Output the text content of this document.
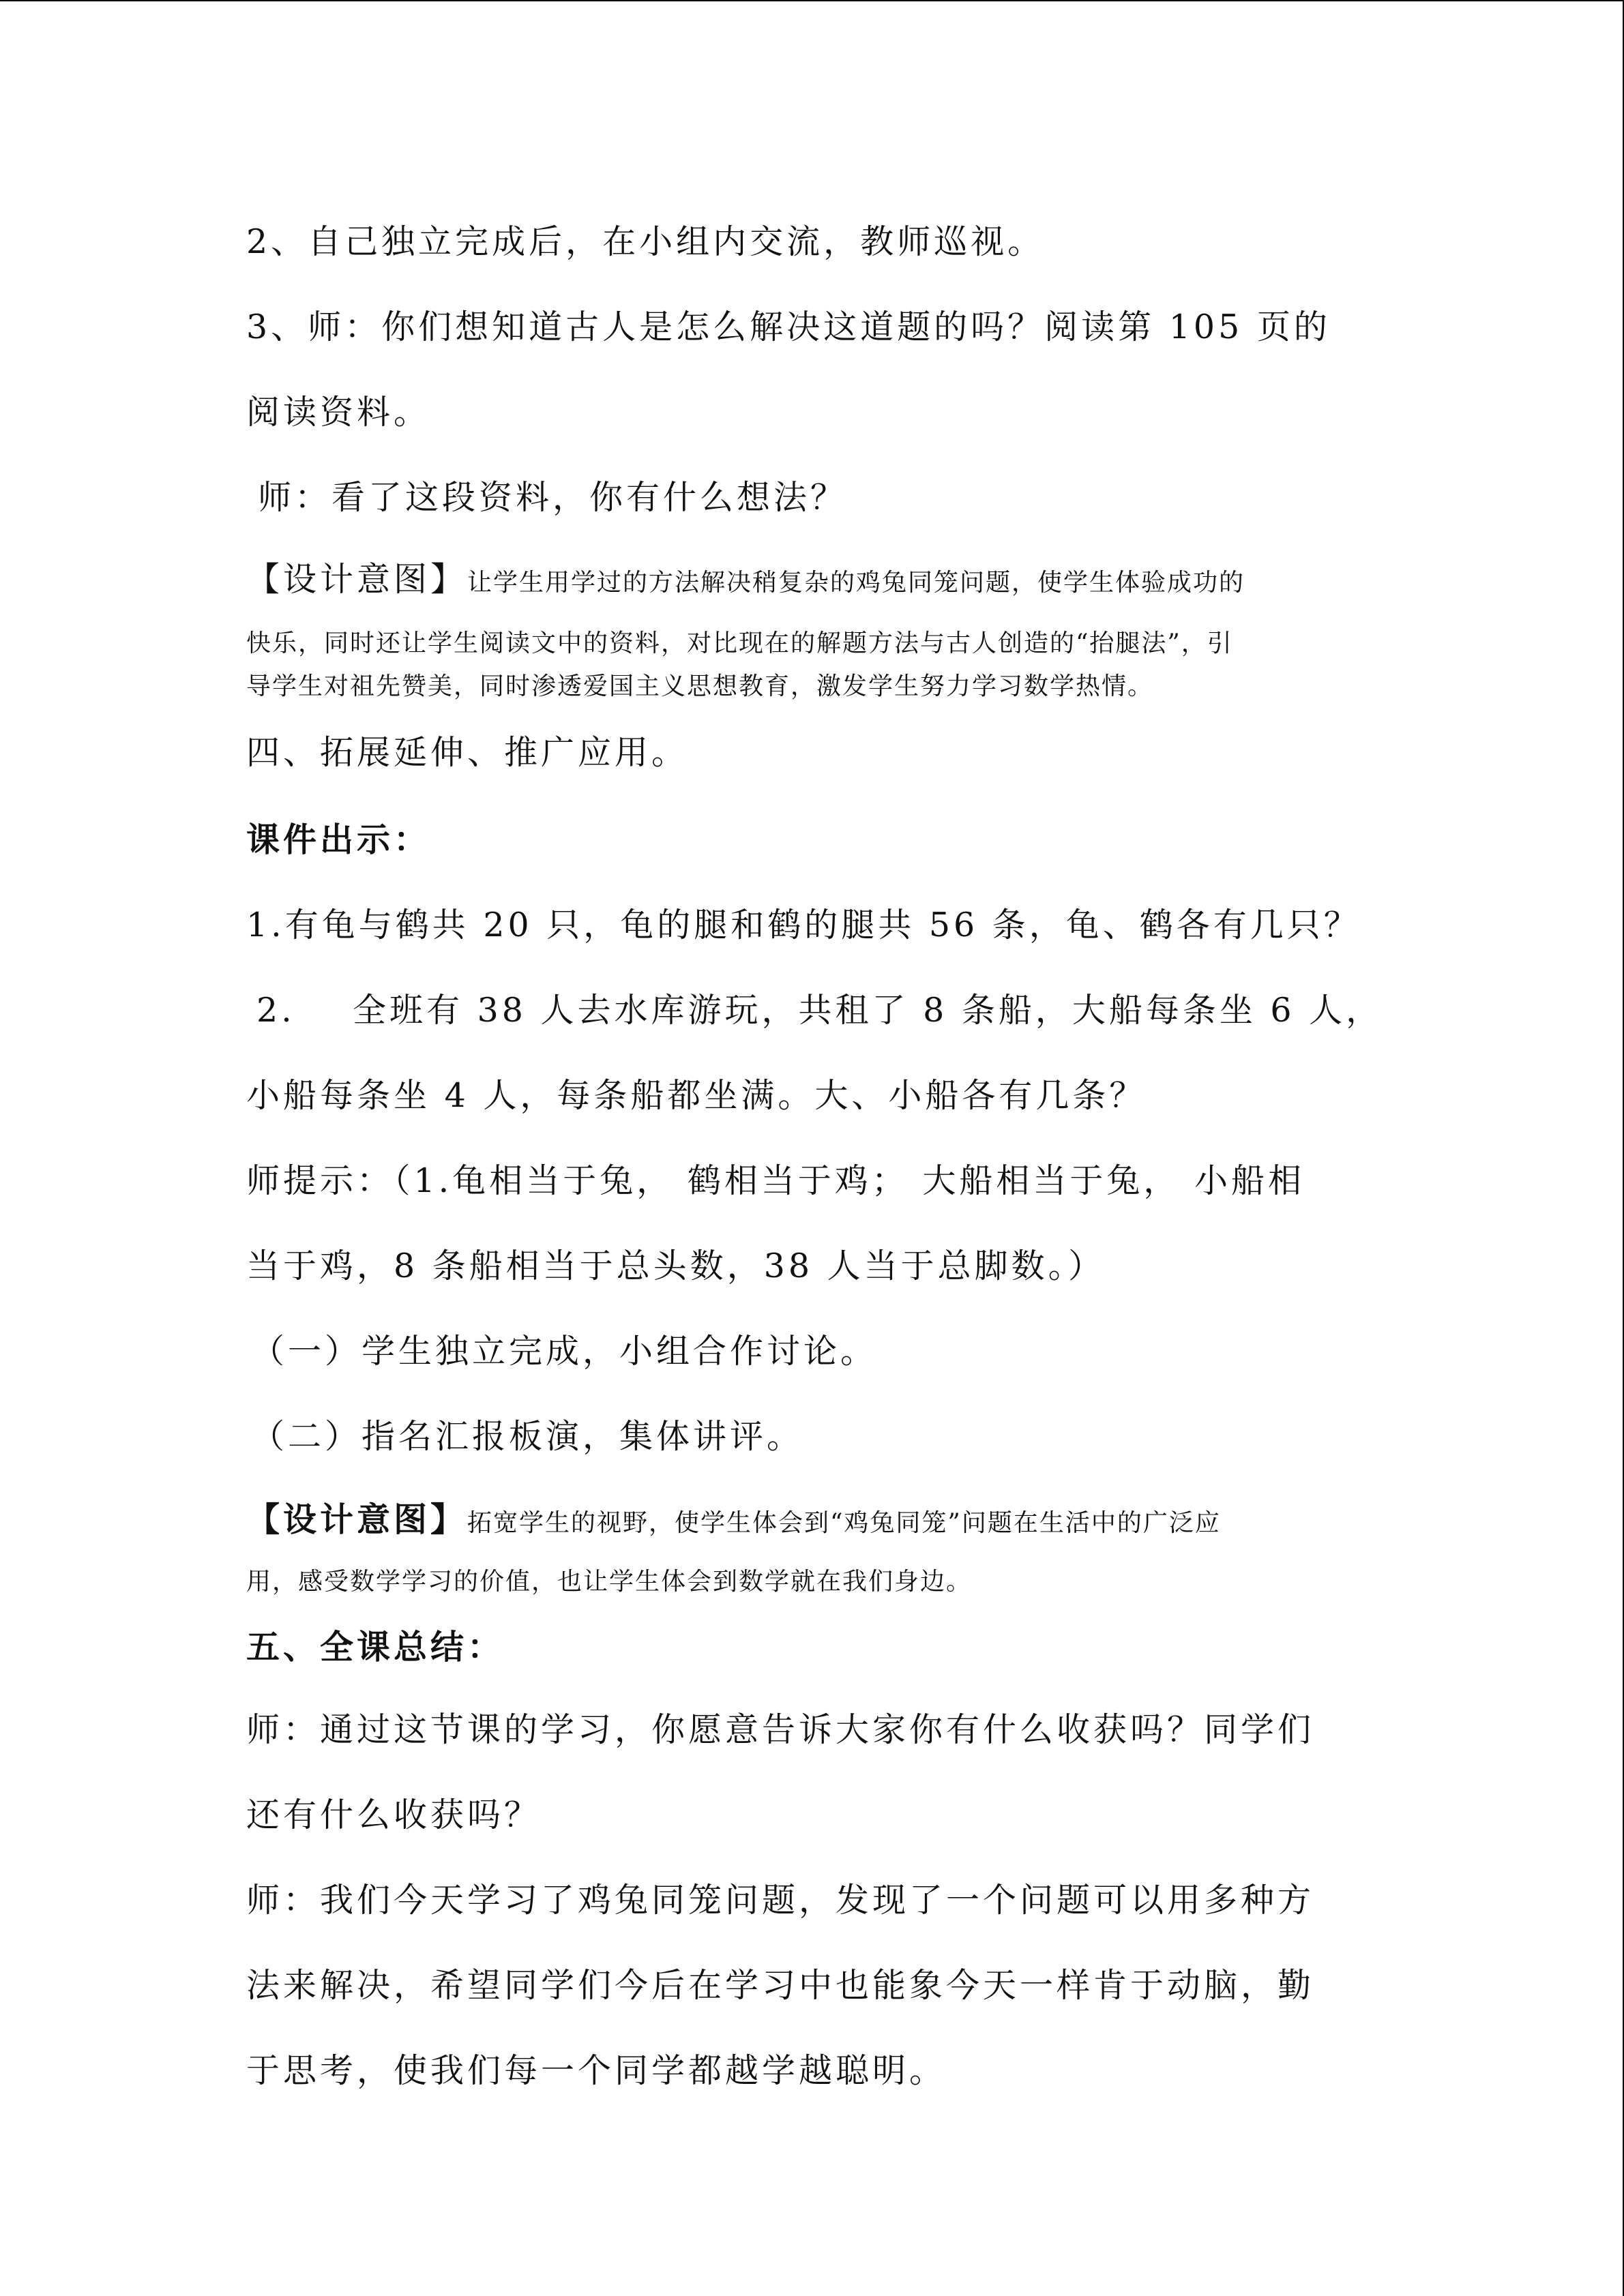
2、自己独立完成后，在小组内交流，教师巡视。
3、师：你们想知道古人是怎么解决这道题的吗？阅读第 105 页的
阅读资料。
师：看了这段资料，你有什么想法？
【设计意图】让学生用学过的方法解决稍复杂的鸡兔同笼问题，使学生体验成功的
快乐，同时还让学生阅读文中的资料，对比现在的解题方法与古人创造的“抬腿法”，引
导学生对祖先赞美，同时渗透爱国主义思想教育，激发学生努力学习数学热情。
四、拓展延伸、推广应用。
课件出示：
1.有龟与鹤共 20 只，龟的腿和鹤的腿共 56 条，龟、鹤各有几只？
2. 全班有 38 人去水库游玩，共租了 8 条船，大船每条坐 6 人，
小船每条坐 4 人，每条船都坐满。大、小船各有几条？
师提示：（1.龟相当于兔， 鹤相当于鸡； 大船相当于兔， 小船相
当于鸡，8 条船相当于总头数，38 人当于总脚数。）
（一）学生独立完成，小组合作讨论。
（二）指名汇报板演，集体讲评。
【设计意图】拓宽学生的视野，使学生体会到“鸡兔同笼”问题在生活中的广泛应
用，感受数学学习的价值，也让学生体会到数学就在我们身边。
五、全课总结：
师：通过这节课的学习，你愿意告诉大家你有什么收获吗？同学们
还有什么收获吗？
师：我们今天学习了鸡兔同笼问题，发现了一个问题可以用多种方
法来解决，希望同学们今后在学习中也能象今天一样肯于动脑，勤
于思考，使我们每一个同学都越学越聪明。
